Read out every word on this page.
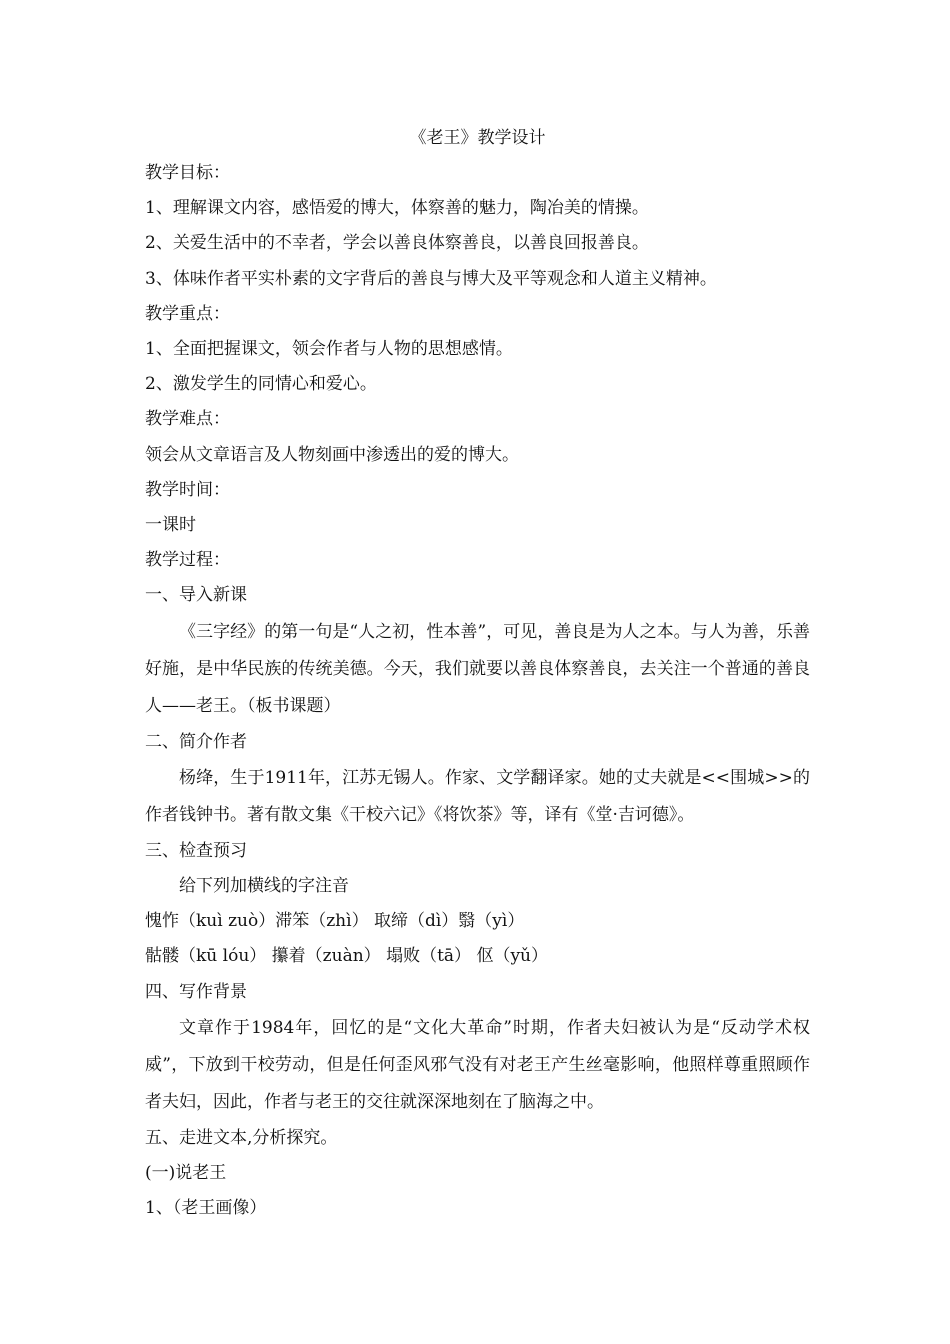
《老王》教学设计

教学目标：

1、理解课文内容，感悟爱的博大，体察善的魅力，陶冶美的情操。

2、关爱生活中的不幸者，学会以善良体察善良，以善良回报善良。

3、体味作者平实朴素的文字背后的善良与博大及平等观念和人道主义精神。

教学重点：

1、全面把握课文，领会作者与人物的思想感情。

2、激发学生的同情心和爱心。

教学难点：

领会从文章语言及人物刻画中渗透出的爱的博大。

教学时间：

一课时

教学过程：

一、导入新课

《三字经》的第一句是“人之初，性本善”，可见，善良是为人之本。与人为善，乐善好施，是中华民族的传统美德。今天，我们就要以善良体察善良，去关注一个普通的善良人——老王。（板书课题）

二、简介作者

杨绛，生于1911年，江苏无锡人。作家、文学翻译家。她的丈夫就是<<围城>>的作者钱钟书。著有散文集《干校六记》《将饮茶》等，译有《堂·吉诃德》。

三、检查预习

给下列加横线的字注音

愧怍（kuì zuò）滞笨（zhì） 取缔（dì）翳（yì）

骷髅（kū lóu） 攥着（zuàn） 塌败（tā） 伛（yǔ）

四、写作背景

文章作于1984年，回忆的是“文化大革命”时期，作者夫妇被认为是“反动学术权威”，下放到干校劳动，但是任何歪风邪气没有对老王产生丝毫影响，他照样尊重照顾作者夫妇，因此，作者与老王的交往就深深地刻在了脑海之中。

五、走进文本,分析探究。

(一)说老王

1、（老王画像）
